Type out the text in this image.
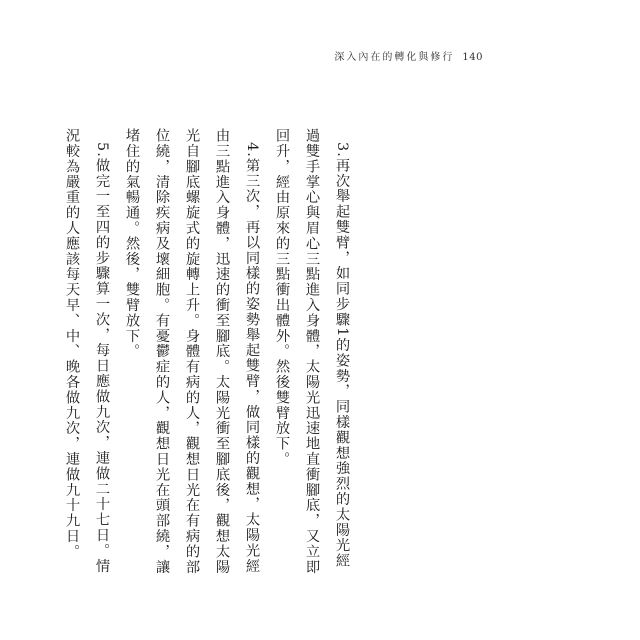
深入內在的轉化與修行 140

3.再次舉起雙臂，如同步驟1的姿勢，同樣觀想強烈的太陽光經過雙手掌心與眉心三點進入身體，太陽光迅速地直衝腳底，又立即回升，經由原來的三點衝出體外。然後雙臂放下。

4.第三次，再以同樣的姿勢舉起雙臂，做同樣的觀想，太陽光經由三點進入身體，迅速的衝至腳底。太陽光衝至腳底後，觀想太陽光自腳底螺旋式的旋轉上升。身體有病的人，觀想日光在有病的部位繞，清除疾病及壞細胞。有憂鬱症的人，觀想日光在頭部繞，讓堵住的氣暢通。然後，雙臂放下。

5.做完一至四的步驟算一次，每日應做九次，連做二十七日。情況較為嚴重的人應該每天早、中、晚各做九次，連做九十九日。
